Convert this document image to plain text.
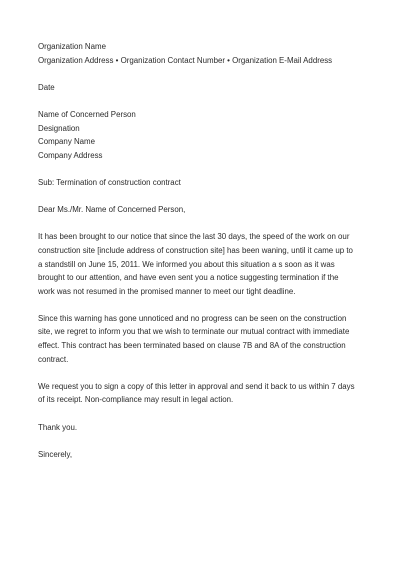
Organization Name
Organization Address • Organization Contact Number • Organization E-Mail Address
Date
Name of Concerned Person
Designation
Company Name
Company Address
Sub: Termination of construction contract
Dear Ms./Mr. Name of Concerned Person,
It has been brought to our notice that since the last 30 days, the speed of the work on our
construction site [include address of construction site] has been waning, until it came up to
a standstill on June 15, 2011. We informed you about this situation a s soon as it was
brought to our attention, and have even sent you a notice suggesting termination if the
work was not resumed in the promised manner to meet our tight deadline.
Since this warning has gone unnoticed and no progress can be seen on the construction
site, we regret to inform you that we wish to terminate our mutual contract with immediate
effect. This contract has been terminated based on clause 7B and 8A of the construction
contract.
We request you to sign a copy of this letter in approval and send it back to us within 7 days
of its receipt. Non-compliance may result in legal action.
Thank you.
Sincerely,
